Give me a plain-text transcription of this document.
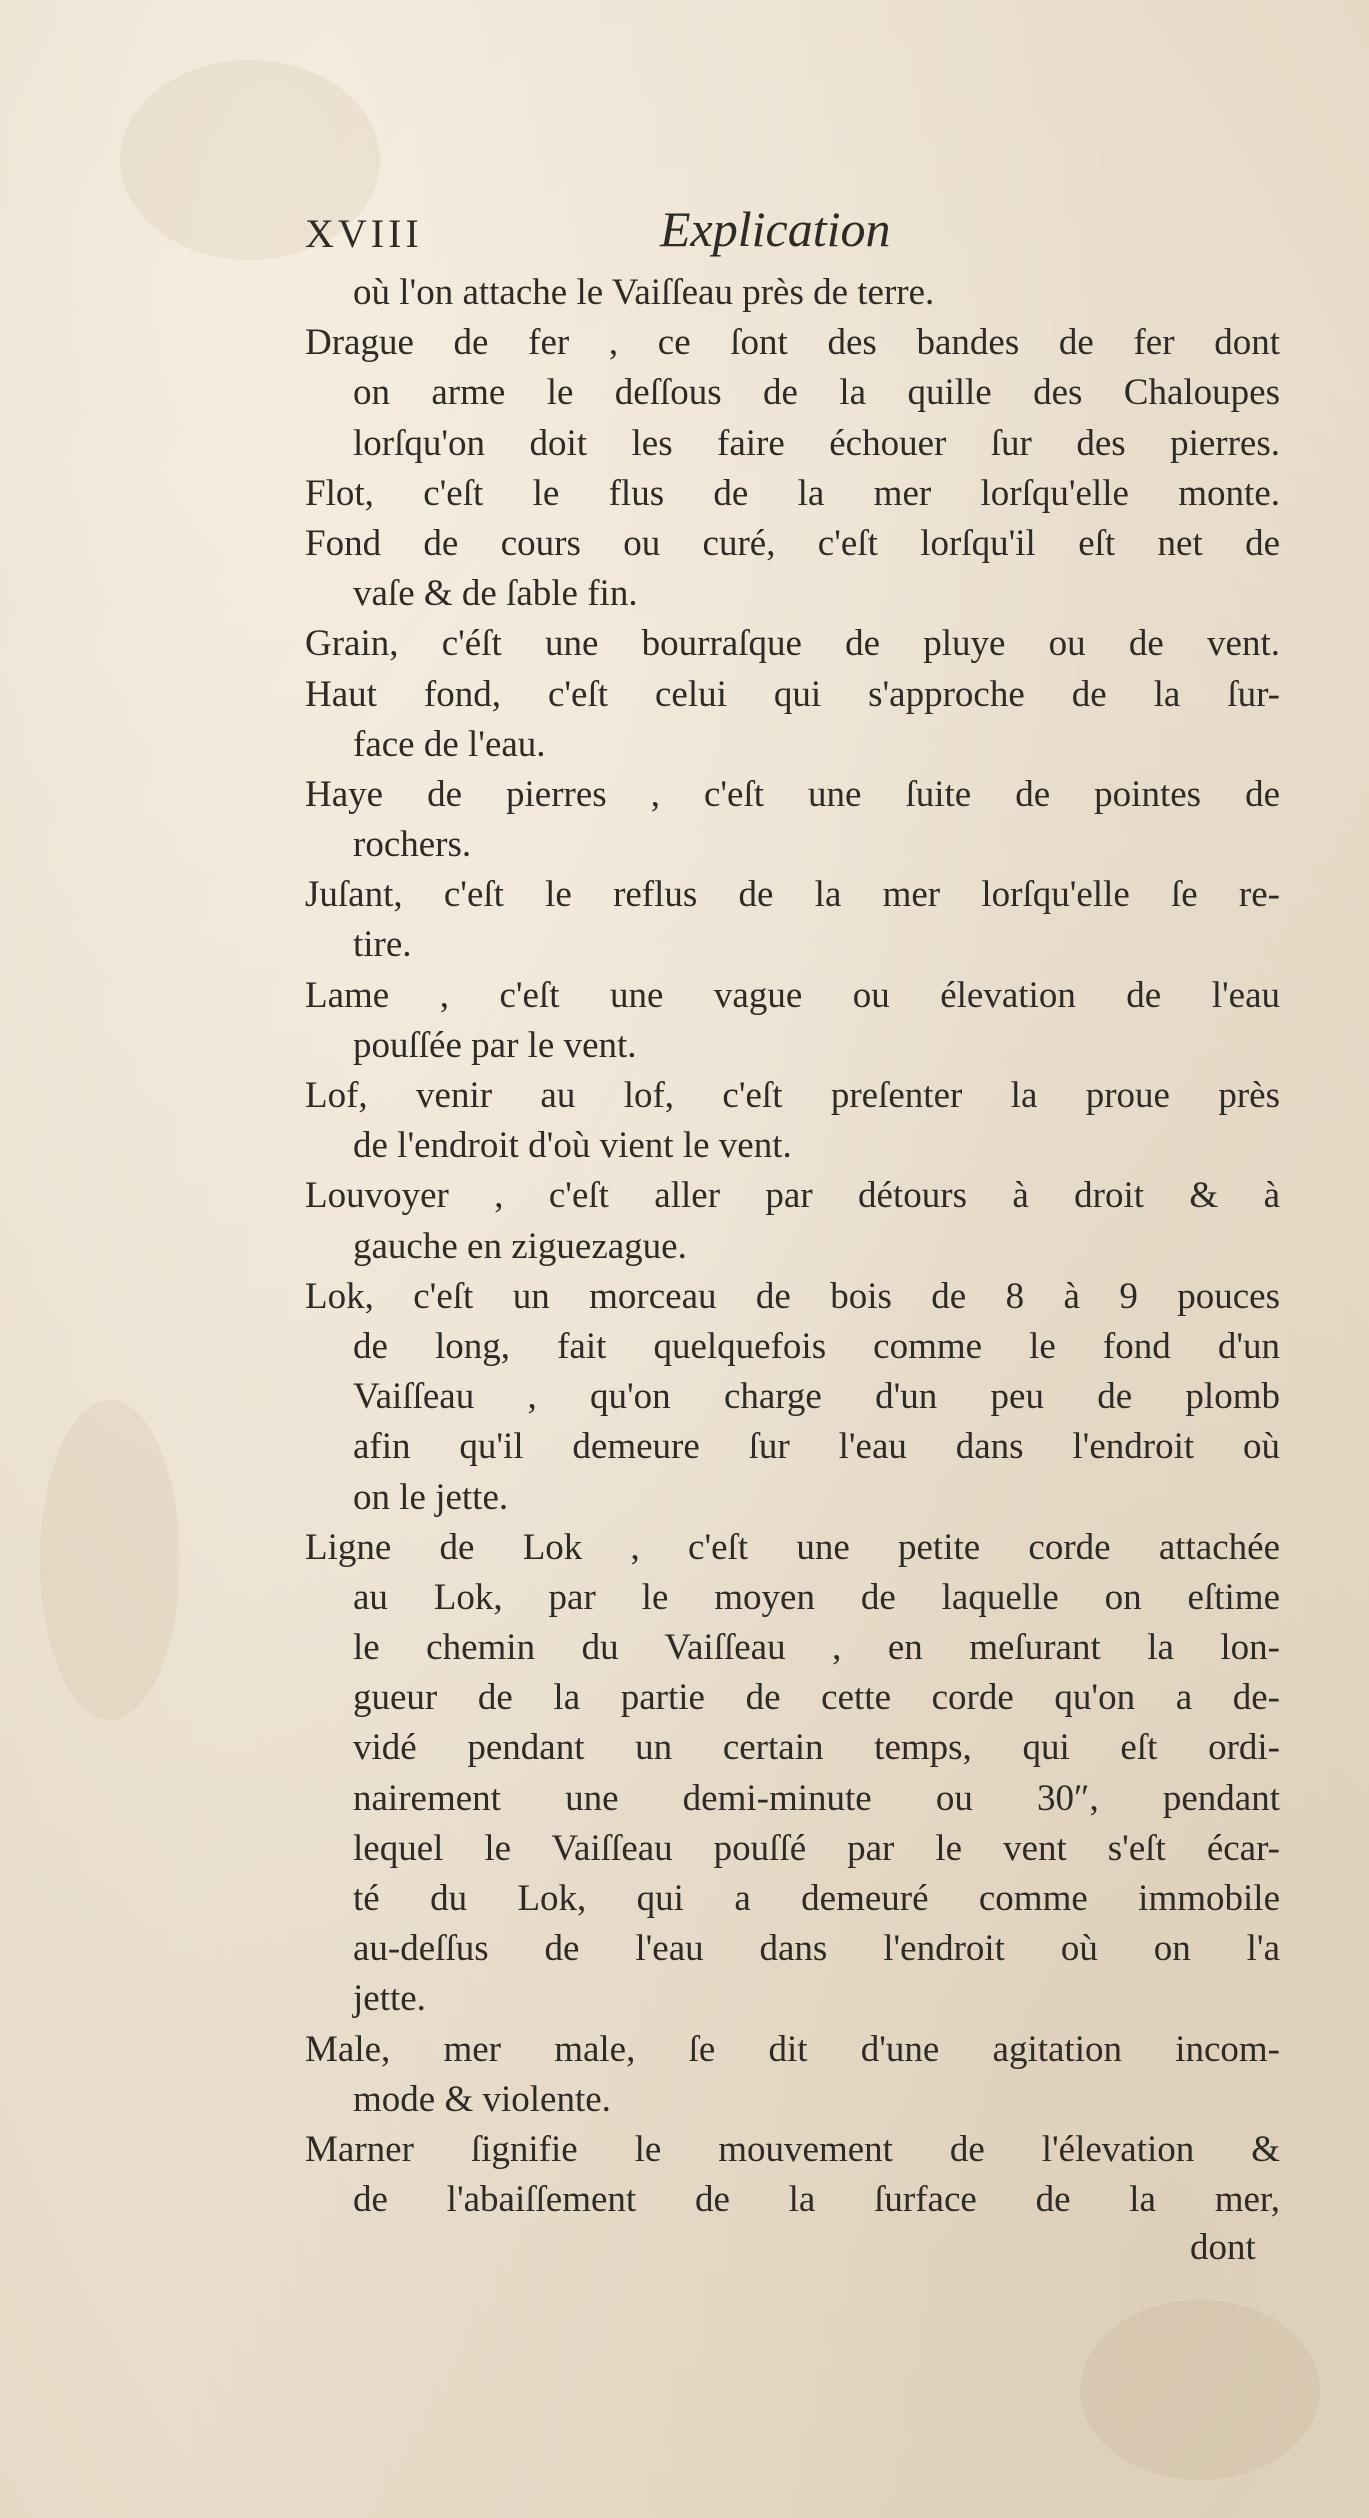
XVIII	Explication
où l'on attache le Vaiſſeau près de terre.
Drague de fer , ce ſont des bandes de fer dont
on arme le deſſous de la quille des Chaloupes
lorſqu'on doit les faire échouer ſur des pierres.
Flot, c'eſt le flus de la mer lorſqu'elle monte.
Fond de cours ou curé, c'eſt lorſqu'il eſt net de
vaſe & de ſable fin.
Grain, c'éſt une bourraſque de pluye ou de vent.
Haut fond, c'eſt celui qui s'approche de la ſur-
face de l'eau.
Haye de pierres , c'eſt une ſuite de pointes de
rochers.
Juſant, c'eſt le reflus de la mer lorſqu'elle ſe re-
tire.
Lame , c'eſt une vague ou élevation de l'eau
pouſſée par le vent.
Lof, venir au lof, c'eſt preſenter la proue près
de l'endroit d'où vient le vent.
Louvoyer , c'eſt aller par détours à droit & à
gauche en ziguezague.
Lok, c'eſt un morceau de bois de 8 à 9 pouces
de long, fait quelquefois comme le fond d'un
Vaiſſeau , qu'on charge d'un peu de plomb
afin qu'il demeure ſur l'eau dans l'endroit où
on le jette.
Ligne de Lok , c'eſt une petite corde attachée
au Lok, par le moyen de laquelle on eſtime
le chemin du Vaiſſeau , en meſurant la lon-
gueur de la partie de cette corde qu'on a de-
vidé pendant un certain temps, qui eſt ordi-
nairement une demi-minute ou 30″, pendant
lequel le Vaiſſeau pouſſé par le vent s'eſt écar-
té du Lok, qui a demeuré comme immobile
au-deſſus de l'eau dans l'endroit où on l'a
jette.
Male, mer male, ſe dit d'une agitation incom-
mode & violente.
Marner ſignifie le mouvement de l'élevation &
de l'abaiſſement de la ſurface de la mer,
dont
